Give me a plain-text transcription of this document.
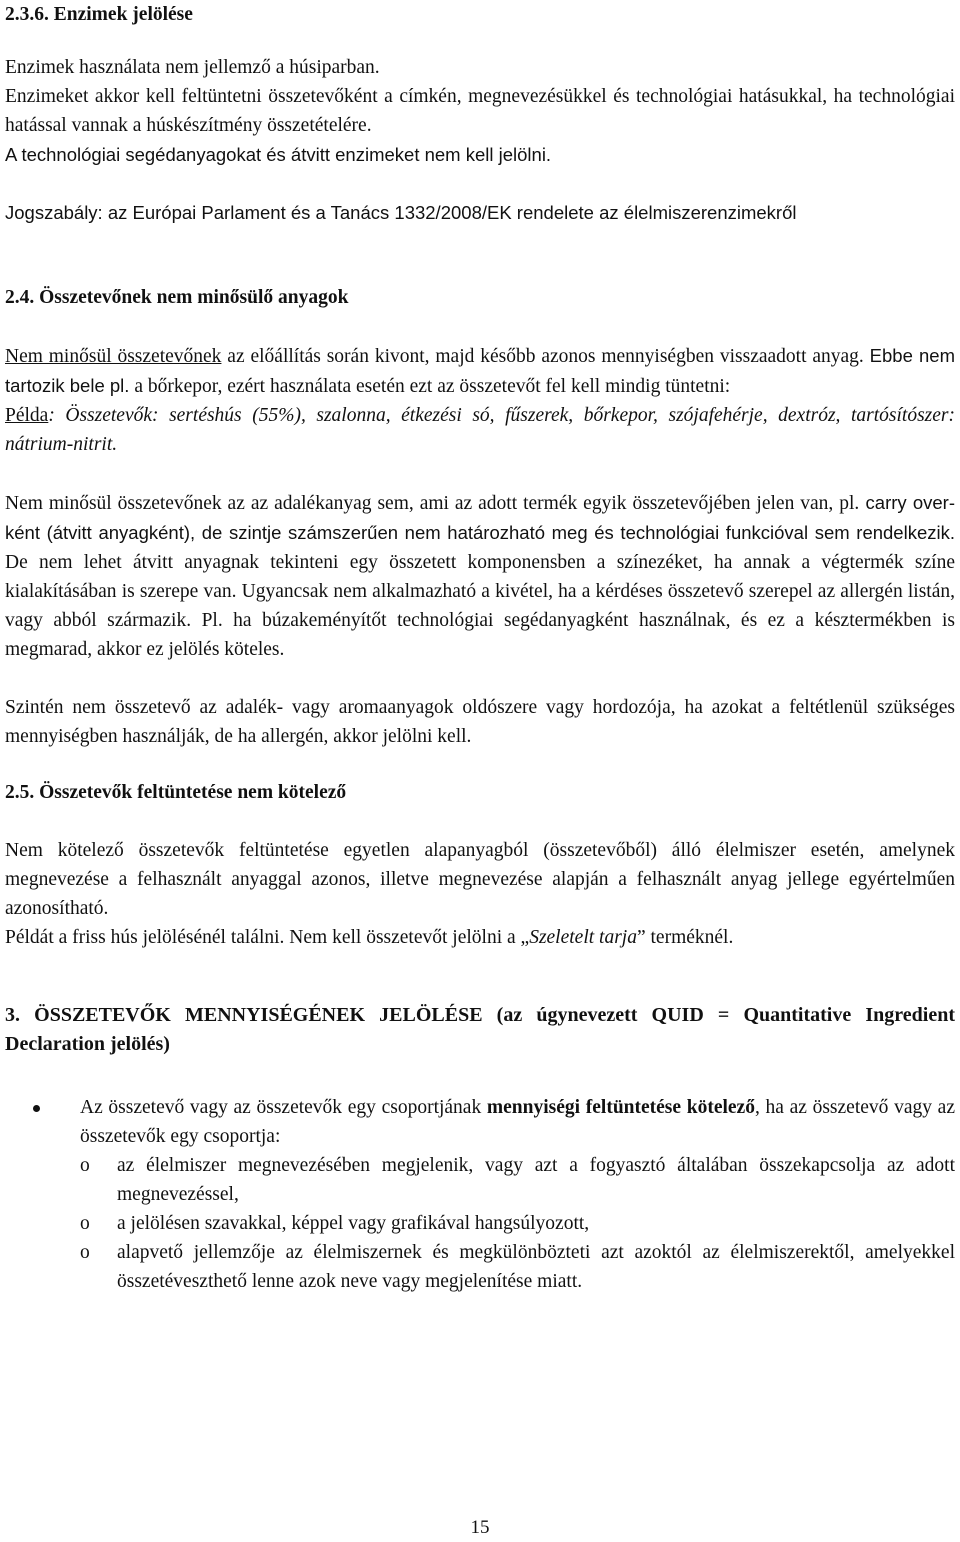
2.3.6. Enzimek jelölése

Enzimek használata nem jellemző a húsiparban.

Enzimeket akkor kell feltüntetni összetevőként a címkén, megnevezésükkel és technológiai hatásukkal, ha technológiai hatással vannak a húskészítmény összetételére.

A technológiai segédanyagokat és átvitt enzimeket nem kell jelölni.

Jogszabály: az Európai Parlament és a Tanács 1332/2008/EK rendelete az élelmiszerenzimekről

2.4. Összetevőnek nem minősülő anyagok

Nem minősül összetevőnek az előállítás során kivont, majd később azonos mennyiségben visszaadott anyag. Ebbe nem tartozik bele pl. a bőrkepor, ezért használata esetén ezt az összetevőt fel kell mindig tüntetni:

Példa: Összetevők: sertéshús (55%), szalonna, étkezési só, fűszerek, bőrkepor, szójafehérje, dextróz, tartósítószer: nátrium-nitrit.

Nem minősül összetevőnek az az adalékanyag sem, ami az adott termék egyik összetevőjében jelen van, pl. carry over-ként (átvitt anyagként), de szintje számszerűen nem határozható meg és technológiai funkcióval sem rendelkezik. De nem lehet átvitt anyagnak tekinteni egy összetett komponensben a színezéket, ha annak a végtermék színe kialakításában is szerepe van. Ugyancsak nem alkalmazható a kivétel, ha a kérdéses összetevő szerepel az allergén listán, vagy abból származik. Pl. ha búzakeményítőt technológiai segédanyagként használnak, és ez a késztermékben is megmarad, akkor ez jelölés köteles.

Szintén nem összetevő az adalék- vagy aromaanyagok oldószere vagy hordozója, ha azokat a feltétlenül szükséges mennyiségben használják, de ha allergén, akkor jelölni kell.

2.5. Összetevők feltüntetése nem kötelező

Nem kötelező összetevők feltüntetése egyetlen alapanyagból (összetevőből) álló élelmiszer esetén, amelynek megnevezése a felhasznált anyaggal azonos, illetve megnevezése alapján a felhasznált anyag jellege egyértelműen azonosítható.

Példát a friss hús jelölésénél találni. Nem kell összetevőt jelölni a „Szeletelt tarja” terméknél.

3. ÖSSZETEVŐK MENNYISÉGÉNEK JELÖLÉSE (az úgynevezett QUID = Quantitative Ingredient Declaration jelölés)

Az összetevő vagy az összetevők egy csoportjának mennyiségi feltüntetése kötelező, ha az összetevő vagy az összetevők egy csoportja:

o az élelmiszer megnevezésében megjelenik, vagy azt a fogyasztó általában összekapcsolja az adott megnevezéssel,

o a jelölésen szavakkal, képpel vagy grafikával hangsúlyozott,

o alapvető jellemzője az élelmiszernek és megkülönbözteti azt azoktól az élelmiszerektől, amelyekkel összetéveszthető lenne azok neve vagy megjelenítése miatt.

15
